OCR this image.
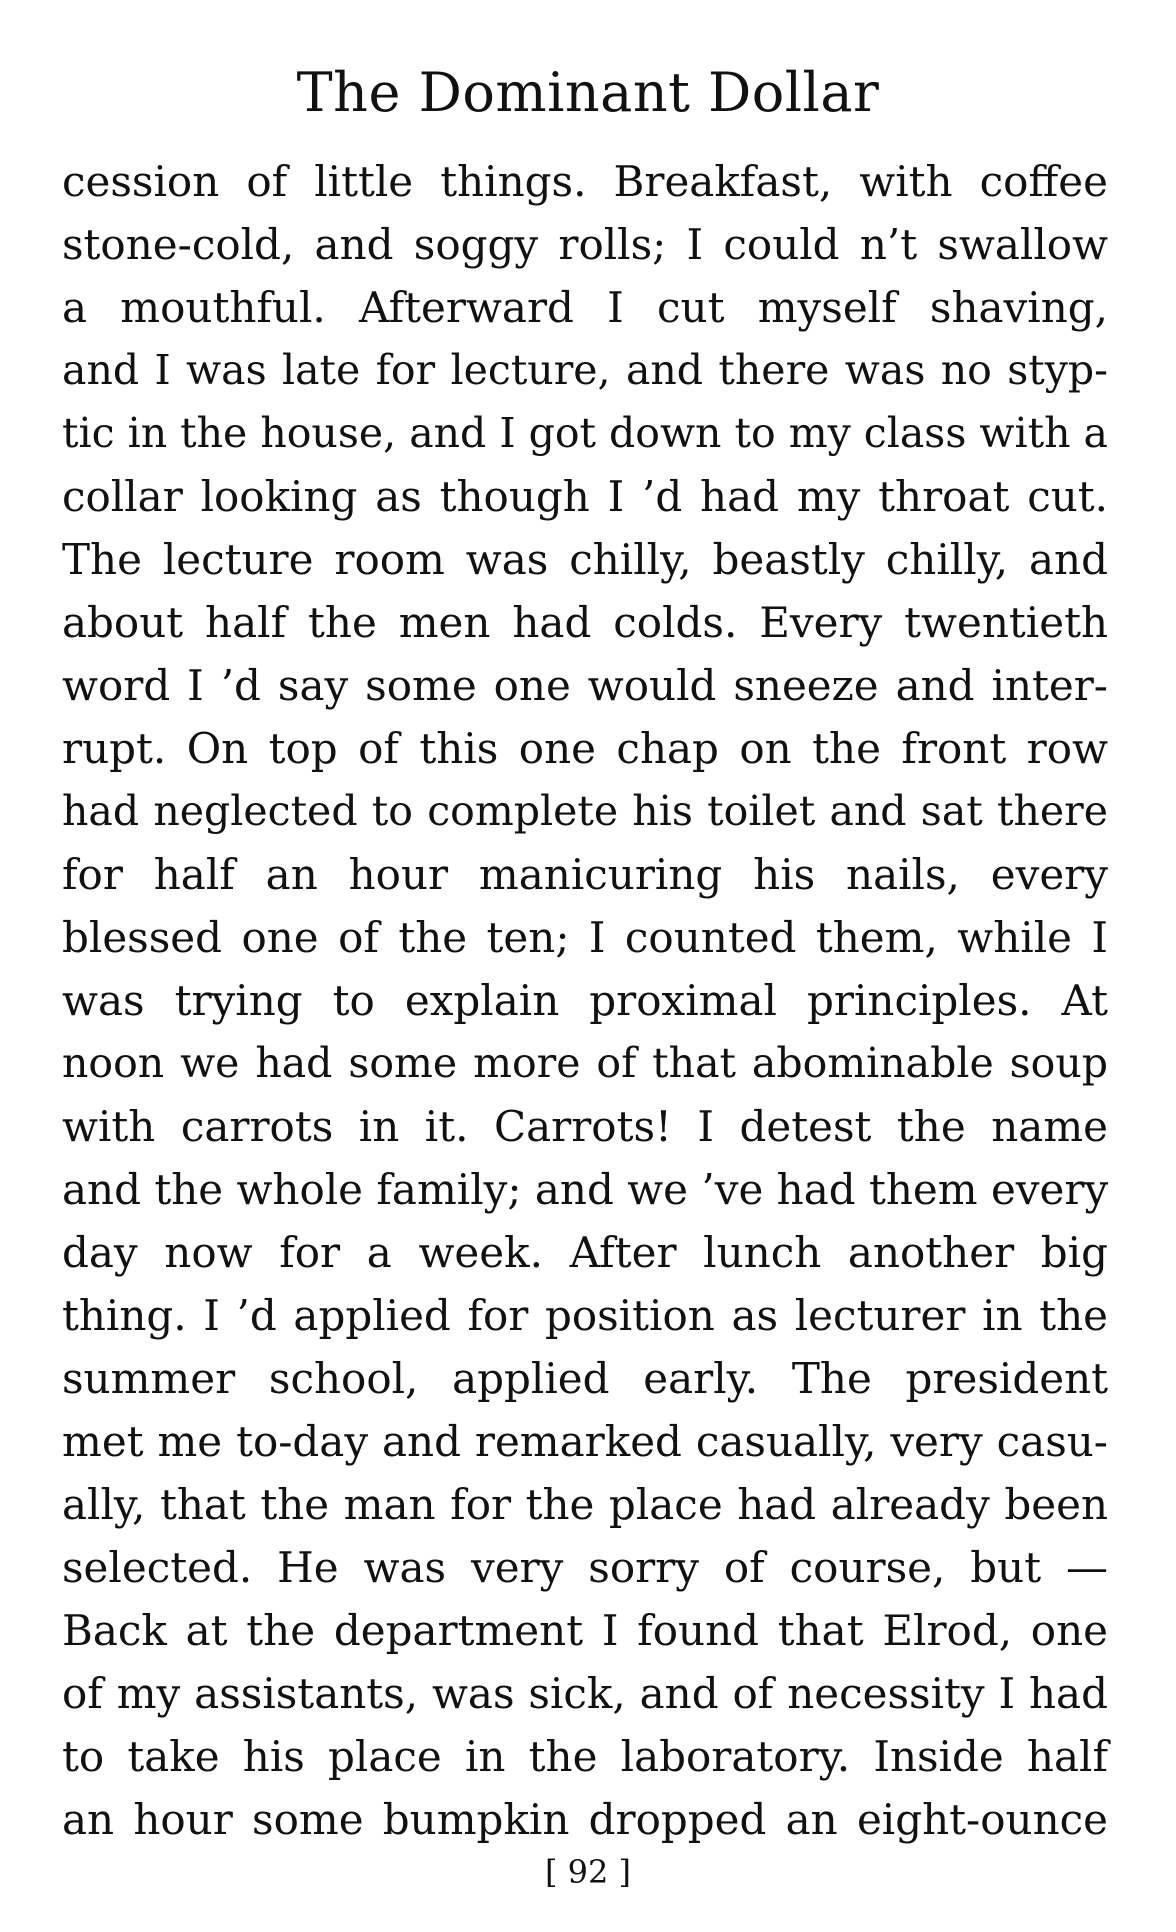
The Dominant Dollar
cession of little things. Breakfast, with coffee
stone-cold, and soggy rolls; I could n’t swallow
a mouthful. Afterward I cut myself shaving,
and I was late for lecture, and there was no styp-
tic in the house, and I got down to my class with a
collar looking as though I ’d had my throat cut.
The lecture room was chilly, beastly chilly, and
about half the men had colds. Every twentieth
word I ’d say some one would sneeze and inter-
rupt. On top of this one chap on the front row
had neglected to complete his toilet and sat there
for half an hour manicuring his nails, every
blessed one of the ten; I counted them, while I
was trying to explain proximal principles. At
noon we had some more of that abominable soup
with carrots in it. Carrots! I detest the name
and the whole family; and we ’ve had them every
day now for a week. After lunch another big
thing. I ’d applied for position as lecturer in the
summer school, applied early. The president
met me to-day and remarked casually, very casu-
ally, that the man for the place had already been
selected. He was very sorry of course, but —
Back at the department I found that Elrod, one
of my assistants, was sick, and of necessity I had
to take his place in the laboratory. Inside half
an hour some bumpkin dropped an eight-ounce
[ 92 ]
